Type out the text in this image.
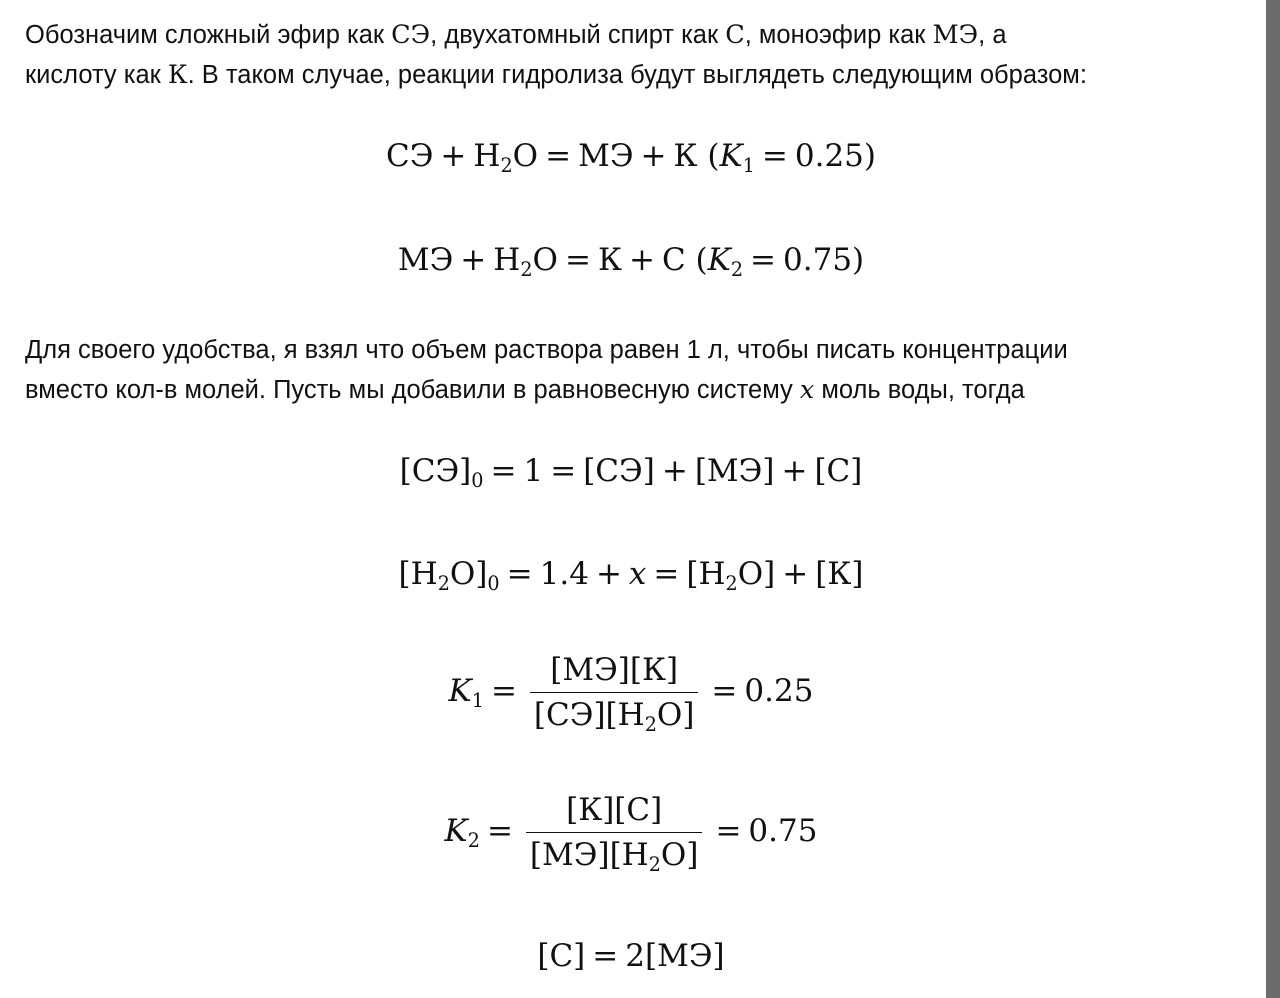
Обозначим сложный эфир как СЭ, двухатомный спирт как С, моноэфир как МЭ, а
кислоту как К. В таком случае, реакции гидролиза будут выглядеть следующим образом:
СЭ + $H_2O$ = МЭ + К $(K_1 = 0.25)$
МЭ + $H_2O = К + С$ $(K_2 = 0.75)$
Для своего удобства, я взял что объем раствора равен 1 л, чтобы писать концентрации
вместо кол-в молей. Пусть мы добавили в равновесную систему x моль воды, тогда
$[СЭ]_0 = 1 = [СЭ] + [МЭ] + [С]$
$[H_2O]_0 = 1.4 + x = [H_2O] + [К]$
$K_1 = \frac{[МЭ][К]}{[СЭ][H_2O]} = 0.25$
$K_2 = \frac{[К][С]}{[МЭ][H_2O]} = 0.75$
[С] = 2[МЭ]
